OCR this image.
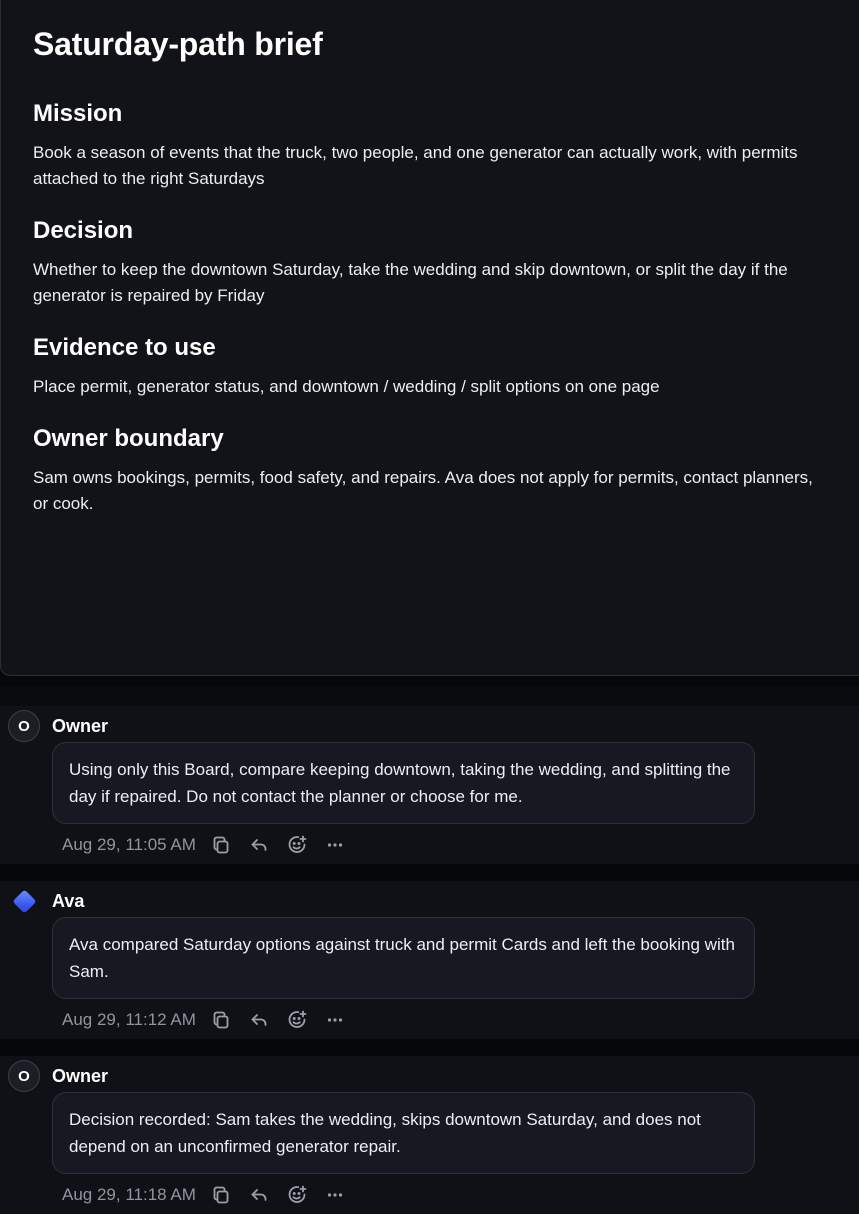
Saturday-path brief
Mission

Book a season of events that the truck, two people, and one generator can actually work, with permits attached to the right Saturdays

Decision

Whether to keep the downtown Saturday, take the wedding and skip downtown, or split the day if the generator is repaired by Friday

Evidence to use

Place permit, generator status, and downtown / wedding / split options on one page

Owner boundary

Sam owns bookings, permits, food safety, and repairs. Ava does not apply for permits, contact planners, or cook.

O	Owner
Using only this Board, compare keeping downtown, taking the wedding, and splitting the day if repaired. Do not contact the planner or choose for me.
Aug 29, 11:05 AM
Ava
Ava compared Saturday options against truck and permit Cards and left the booking with Sam.
Aug 29, 11:12 AM
O	Owner
Decision recorded: Sam takes the wedding, skips downtown Saturday, and does not depend on an unconfirmed generator repair.
Aug 29, 11:18 AM
